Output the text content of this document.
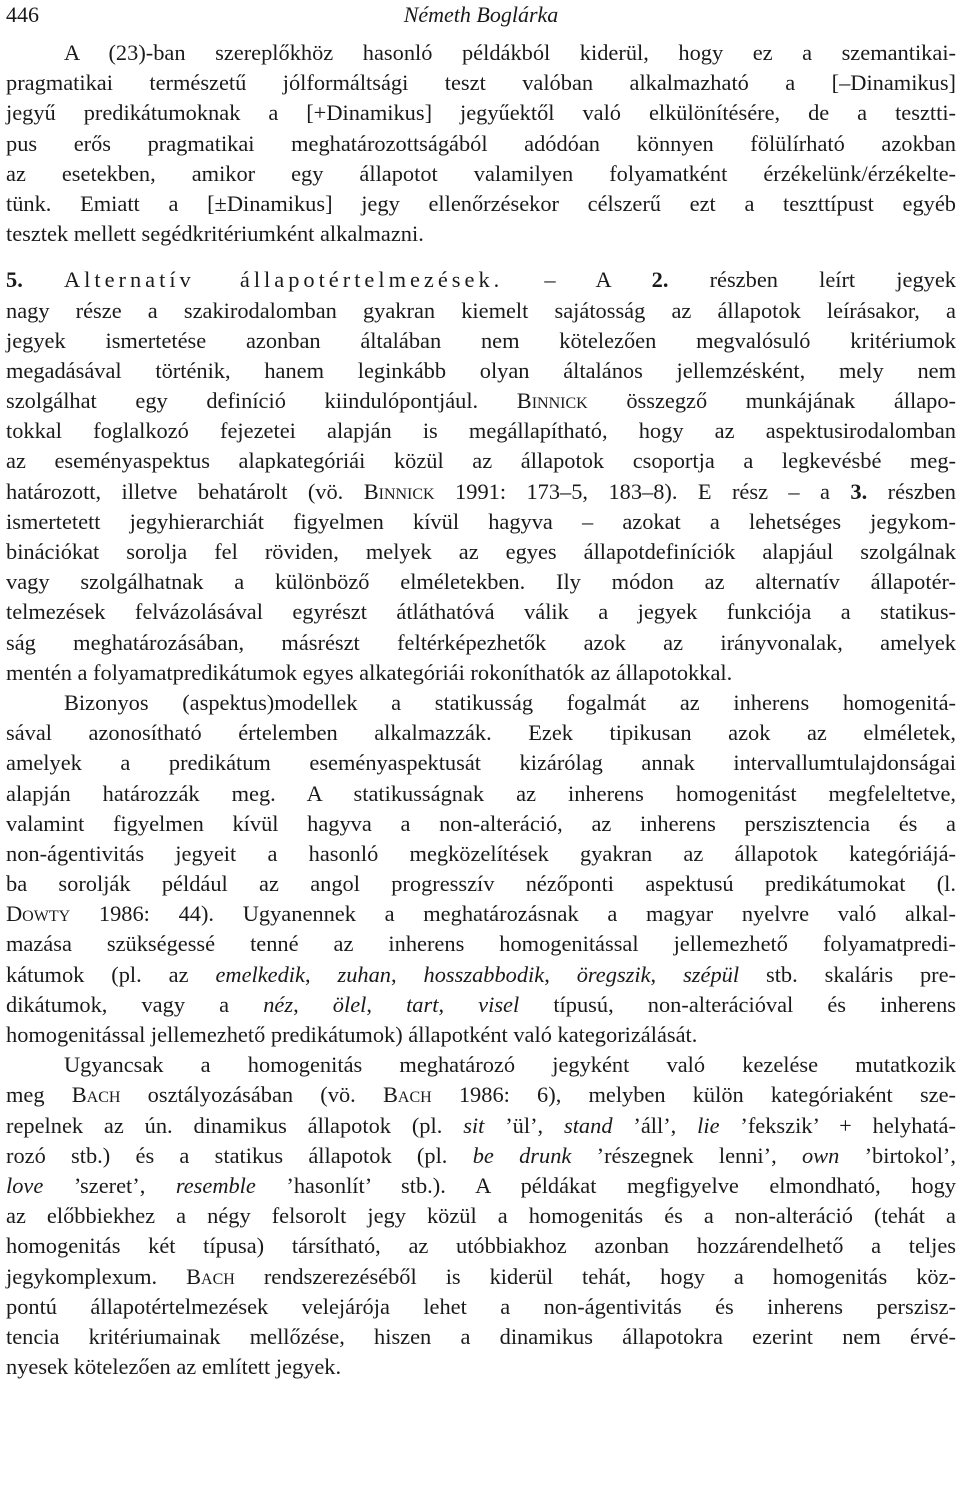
446	Németh Boglárka
A (23)-ban szereplőkhöz hasonló példákból kiderül, hogy ez a szemantikai-
pragmatikai természetű jólformáltsági teszt valóban alkalmazható a [–Dinamikus]
jegyű predikátumoknak a [+Dinamikus] jegyűektől való elkülönítésére, de a tesztti-
pus erős pragmatikai meghatározottságából adódóan könnyen fölülírható azokban
az esetekben, amikor egy állapotot valamilyen folyamatként érzékelünk/érzékelte-
tünk. Emiatt a [±Dinamikus] jegy ellenőrzésekor célszerű ezt a teszttípust egyéb
tesztek mellett segédkritériumként alkalmazni.
5. Alternatív állapotértelmezések. – A 2. részben leírt jegyek
nagy része a szakirodalomban gyakran kiemelt sajátosság az állapotok leírásakor, a
jegyek ismertetése azonban általában nem kötelezően megvalósuló kritériumok
megadásával történik, hanem leginkább olyan általános jellemzésként, mely nem
szolgálhat egy definíció kiindulópontjául. Binnick összegző munkájának állapo-
tokkal foglalkozó fejezetei alapján is megállapítható, hogy az aspektusirodalomban
az eseményaspektus alapkategóriái közül az állapotok csoportja a legkevésbé meg-
határozott, illetve behatárolt (vö. Binnick 1991: 173–5, 183–8). E rész – a 3. részben
ismertetett jegyhierarchiát figyelmen kívül hagyva – azokat a lehetséges jegykom-
binációkat sorolja fel röviden, melyek az egyes állapotdefiníciók alapjául szolgálnak
vagy szolgálhatnak a különböző elméletekben. Ily módon az alternatív állapotér-
telmezések felvázolásával egyrészt átláthatóvá válik a jegyek funkciója a statikus-
ság meghatározásában, másrészt feltérképezhetők azok az irányvonalak, amelyek
mentén a folyamatpredikátumok egyes alkategóriái rokoníthatók az állapotokkal.
Bizonyos (aspektus)modellek a statikusság fogalmát az inherens homogenitá-
sával azonosítható értelemben alkalmazzák. Ezek tipikusan azok az elméletek,
amelyek a predikátum eseményaspektusát kizárólag annak intervallumtulajdonságai
alapján határozzák meg. A statikusságnak az inherens homogenitást megfeleltetve,
valamint figyelmen kívül hagyva a non-alteráció, az inherens perszisztencia és a
non-ágentivitás jegyeit a hasonló megközelítések gyakran az állapotok kategóriájá-
ba sorolják például az angol progresszív nézőponti aspektusú predikátumokat (l.
Dowty 1986: 44). Ugyanennek a meghatározásnak a magyar nyelvre való alkal-
mazása szükségessé tenné az inherens homogenitással jellemezhető folyamatpredi-
kátumok (pl. az emelkedik, zuhan, hosszabbodik, öregszik, szépül stb. skaláris pre-
dikátumok, vagy a néz, ölel, tart, visel típusú, non-alterációval és inherens
homogenitással jellemezhető predikátumok) állapotként való kategorizálását.
Ugyancsak a homogenitás meghatározó jegyként való kezelése mutatkozik
meg Bach osztályozásában (vö. Bach 1986: 6), melyben külön kategóriaként sze-
repelnek az ún. dinamikus állapotok (pl. sit ’ül’, stand ’áll’, lie ’fekszik’ + helyhatá-
rozó stb.) és a statikus állapotok (pl. be drunk ’részegnek lenni’, own ’birtokol’,
love ’szeret’, resemble ’hasonlít’ stb.). A példákat megfigyelve elmondható, hogy
az előbbiekhez a négy felsorolt jegy közül a homogenitás és a non-alteráció (tehát a
homogenitás két típusa) társítható, az utóbbiakhoz azonban hozzárendelhető a teljes
jegykomplexum. Bach rendszerezéséből is kiderül tehát, hogy a homogenitás köz-
pontú állapotértelmezések velejárója lehet a non-ágentivitás és inherens perszisz-
tencia kritériumainak mellőzése, hiszen a dinamikus állapotokra ezerint nem érvé-
nyesek kötelezően az említett jegyek.
